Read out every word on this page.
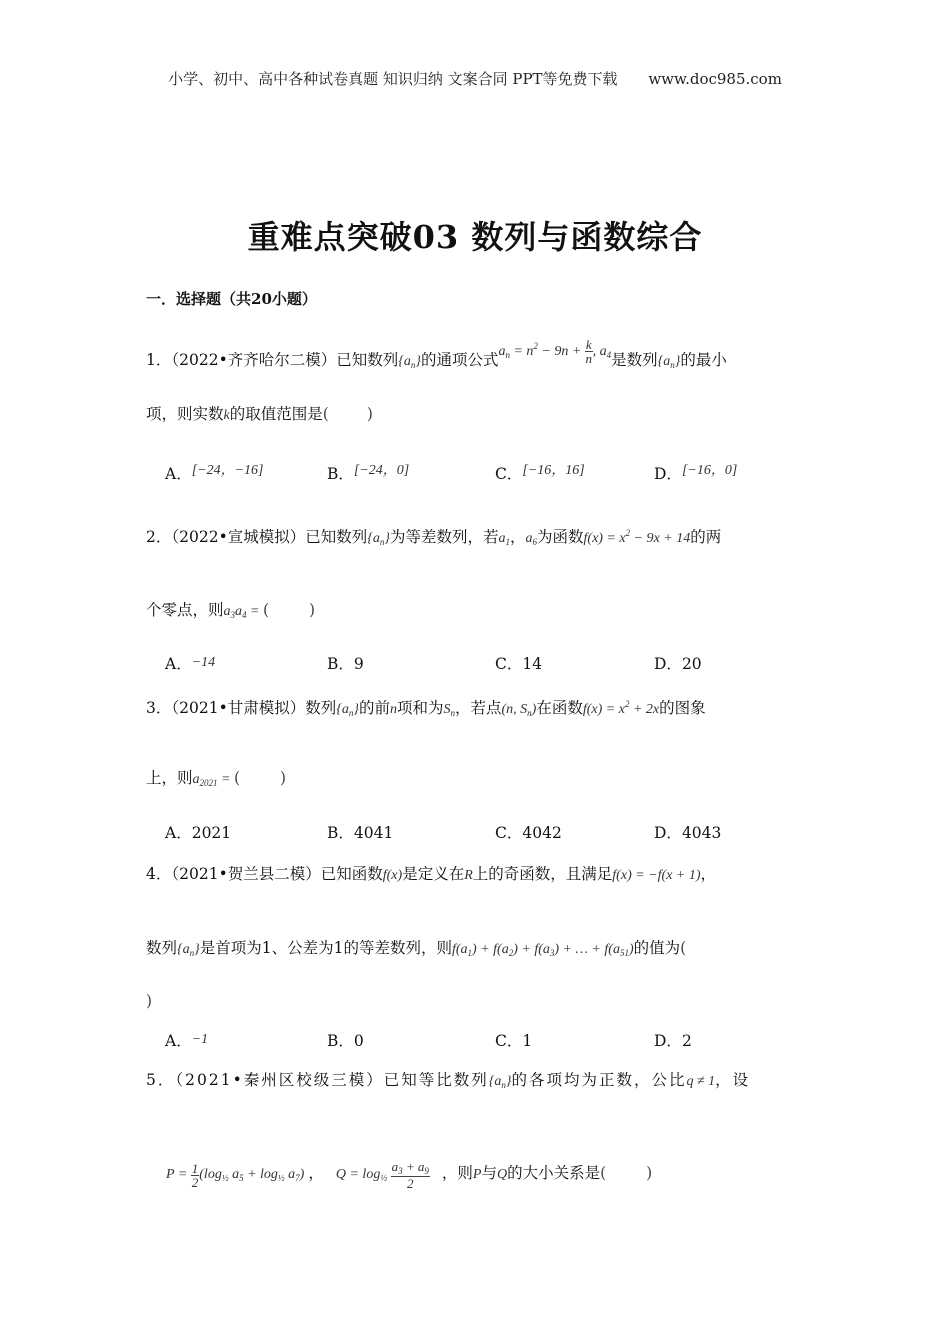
小学、初中、高中各种试卷真题 知识归纳 文案合同 PPT等免费下载 www.doc985.com
重难点突破03 数列与函数综合
一．选择题（共20小题）
1．（2022•齐齐哈尔二模）已知数列$\{a_n\}$的通项公式$a_n = n^2 - 9n + \frac{k}{n}$ , $a_4$是数列$\{a_n\}$的最小
项，则实数k的取值范围是( )
A．[−24，−16]	B．[−24，0]	C．[−16，16]	D．[−16，0]
2．（2022•宣城模拟）已知数列$\{a_n\}$为等差数列，若$a_1$，$a_6$为函数$f(x) = x^2 - 9x + 14$的两
个零点，则$a_3a_4$ = (	)
A．−14	B．9	C．14	D．20
3．（2021•甘肃模拟）数列$\{a_n\}$的前n项和为$S_n$，若点(n, $S_n$)在函数$f(x) = x^2 + 2x$的图象
上，则$a_{2021}$ = (	)
A．2021	B．4041	C．4042	D．4043
4．（2021•贺兰县二模）已知函数f(x)是定义在R上的奇函数，且满足f(x) = −f(x + 1)，
数列$\{a_n\}$是首项为1、公差为1的等差数列，则$f(a_1) + f(a_2) + f(a_3)$ + … + $f(a_{51})$的值为(
)
A．−1	B．0	C．1	D．2
5．（2021•秦州区校级三模）已知等比数列$\{a_n\}$的各项均为正数，公比q ≠ 1，设
$P = \frac{1}{2} (\log_{\frac{1}{2}}$ $a_5 + \log_{\frac{1}{2}} a_7$) ， $Q = \log_{\frac{1}{2}} \frac{a_3 + a_9}{2}$ ，则P与Q的大小关系是(	)
